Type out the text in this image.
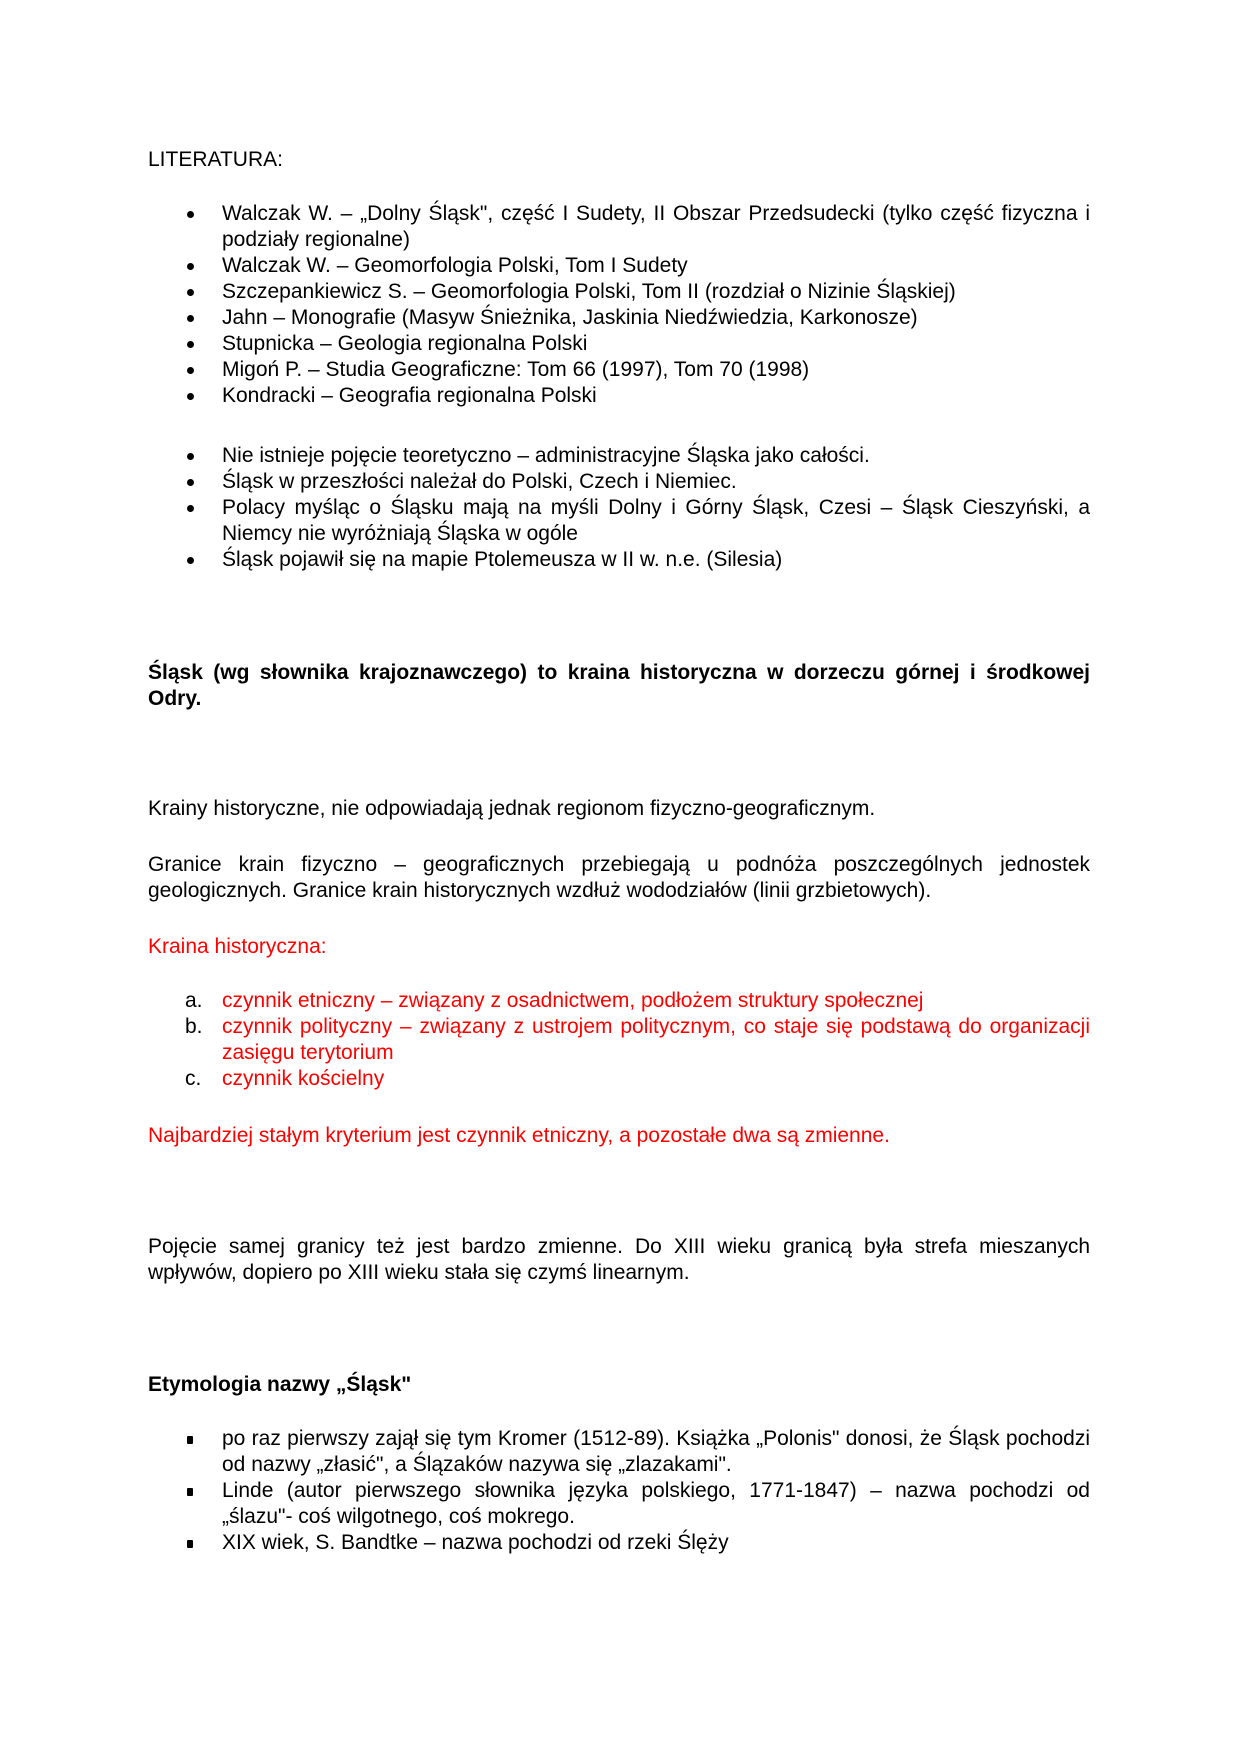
LITERATURA:
Walczak W. – „Dolny Śląsk", część I Sudety, II Obszar Przedsudecki (tylko część fizyczna i podziały regionalne)
Walczak W. – Geomorfologia Polski, Tom I Sudety
Szczepankiewicz S. – Geomorfologia Polski, Tom II (rozdział o Nizinie Śląskiej)
Jahn – Monografie (Masyw Śnieżnika, Jaskinia Niedźwiedzia, Karkonosze)
Stupnicka – Geologia regionalna Polski
Migoń P. – Studia Geograficzne: Tom 66 (1997), Tom 70 (1998)
Kondracki – Geografia regionalna Polski
Nie istnieje pojęcie teoretyczno – administracyjne Śląska jako całości.
Śląsk w przeszłości należał do Polski, Czech i Niemiec.
Polacy myśląc o Śląsku mają na myśli Dolny i Górny Śląsk, Czesi – Śląsk Cieszyński, a Niemcy nie wyróżniają Śląska w ogóle
Śląsk pojawił się na mapie Ptolemeusza w II w. n.e. (Silesia)
Śląsk (wg słownika krajoznawczego) to kraina historyczna w dorzeczu górnej i środkowej Odry.
Krainy historyczne, nie odpowiadają jednak regionom fizyczno-geograficznym.
Granice krain fizyczno – geograficznych przebiegają u podnóża poszczególnych jednostek geologicznych. Granice krain historycznych wzdłuż wododziałów (linii grzbietowych).
Kraina historyczna:
a. czynnik etniczny – związany z osadnictwem, podłożem struktury społecznej
b. czynnik polityczny – związany z ustrojem politycznym, co staje się podstawą do organizacji zasięgu terytorium
c. czynnik kościelny
Najbardziej stałym kryterium jest czynnik etniczny, a pozostałe dwa są zmienne.
Pojęcie samej granicy też jest bardzo zmienne. Do XIII wieku granicą była strefa mieszanych wpływów, dopiero po XIII wieku stała się czymś linearnym.
Etymologia nazwy „Śląsk"
po raz pierwszy zajął się tym Kromer (1512-89). Książka „Polonis" donosi, że Śląsk pochodzi od nazwy „złasić", a Ślązaków nazywa się „zlazakami".
Linde (autor pierwszego słownika języka polskiego, 1771-1847) – nazwa pochodzi od „ślazu"- coś wilgotnego, coś mokrego.
XIX wiek, S. Bandtke – nazwa pochodzi od rzeki Ślęży
